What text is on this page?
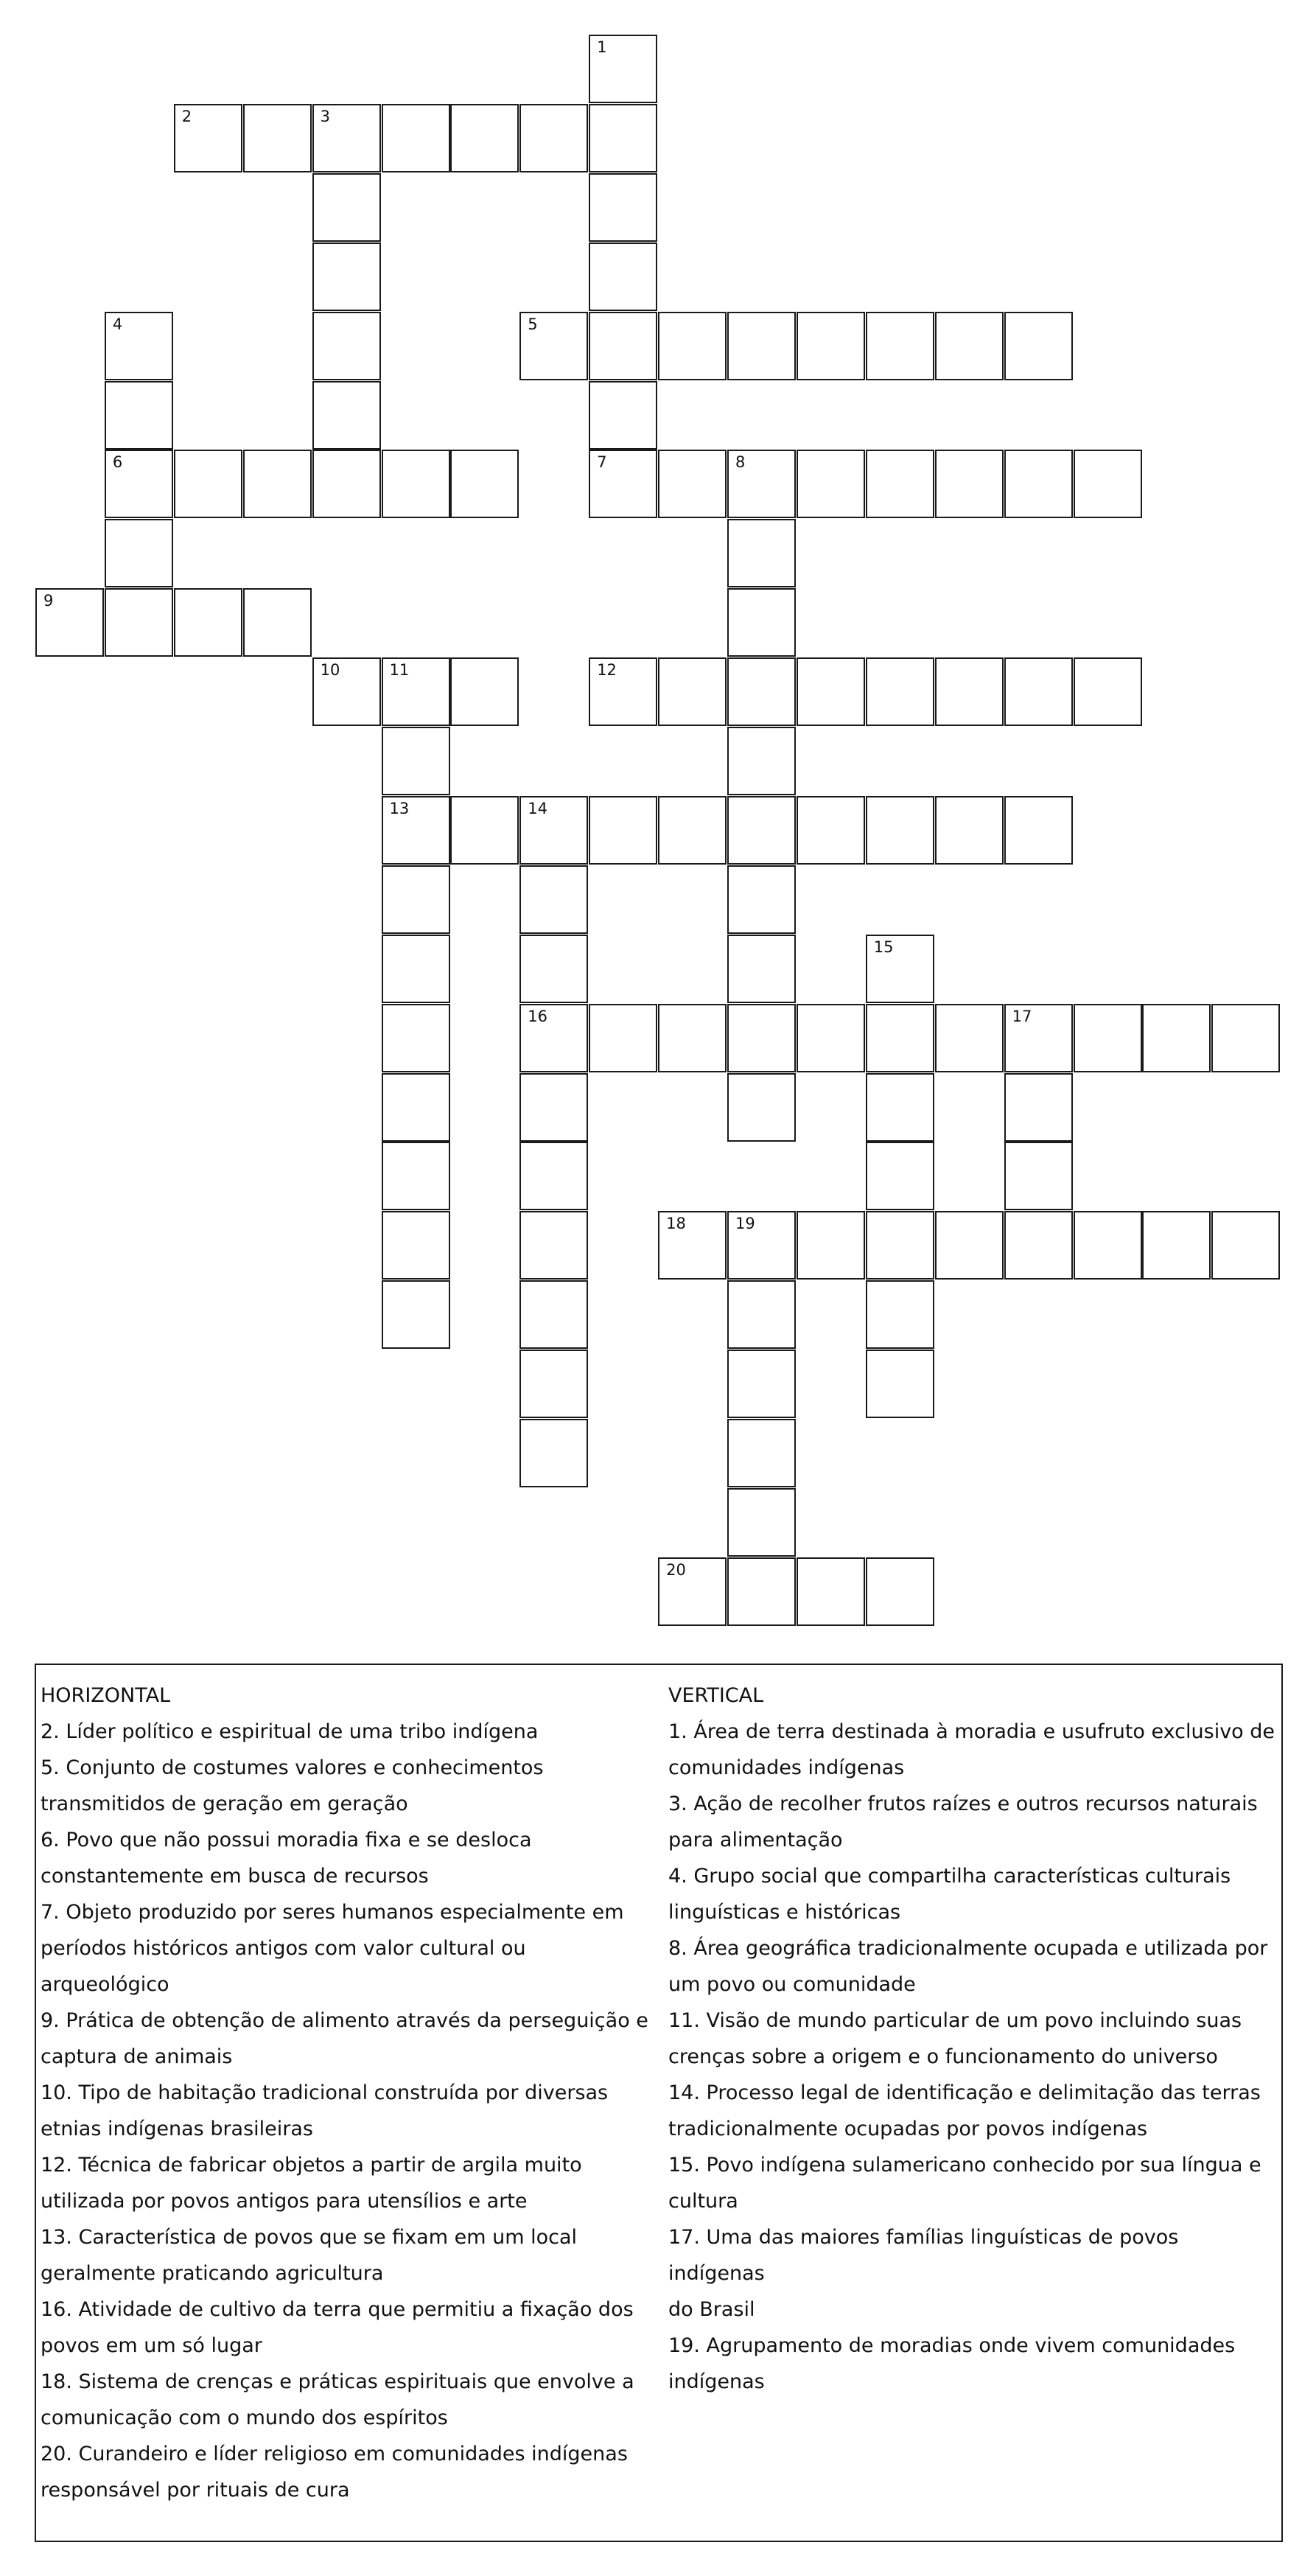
1
2	3
4	5
6	7	8
9
10	11	12
13	14
15
16	17
18	19
20
HORIZONTAL
2. Líder político e espiritual de uma tribo indígena
5. Conjunto de costumes valores e conhecimentos
transmitidos de geração em geração
6. Povo que não possui moradia fixa e se desloca
constantemente em busca de recursos
7. Objeto produzido por seres humanos especialmente em
períodos históricos antigos com valor cultural ou
arqueológico
9. Prática de obtenção de alimento através da perseguição e
captura de animais
10. Tipo de habitação tradicional construída por diversas
etnias indígenas brasileiras
12. Técnica de fabricar objetos a partir de argila muito
utilizada por povos antigos para utensílios e arte
13. Característica de povos que se fixam em um local
geralmente praticando agricultura
16. Atividade de cultivo da terra que permitiu a fixação dos
povos em um só lugar
18. Sistema de crenças e práticas espirituais que envolve a
comunicação com o mundo dos espíritos
20. Curandeiro e líder religioso em comunidades indígenas
responsável por rituais de cura
VERTICAL
1. Área de terra destinada à moradia e usufruto exclusivo de
comunidades indígenas
3. Ação de recolher frutos raízes e outros recursos naturais
para alimentação
4. Grupo social que compartilha características culturais
linguísticas e históricas
8. Área geográfica tradicionalmente ocupada e utilizada por
um povo ou comunidade
11. Visão de mundo particular de um povo incluindo suas
crenças sobre a origem e o funcionamento do universo
14. Processo legal de identificação e delimitação das terras
tradicionalmente ocupadas por povos indígenas
15. Povo indígena sulamericano conhecido por sua língua e
cultura
17. Uma das maiores famílias linguísticas de povos indígenas
do Brasil
19. Agrupamento de moradias onde vivem comunidades
indígenas
